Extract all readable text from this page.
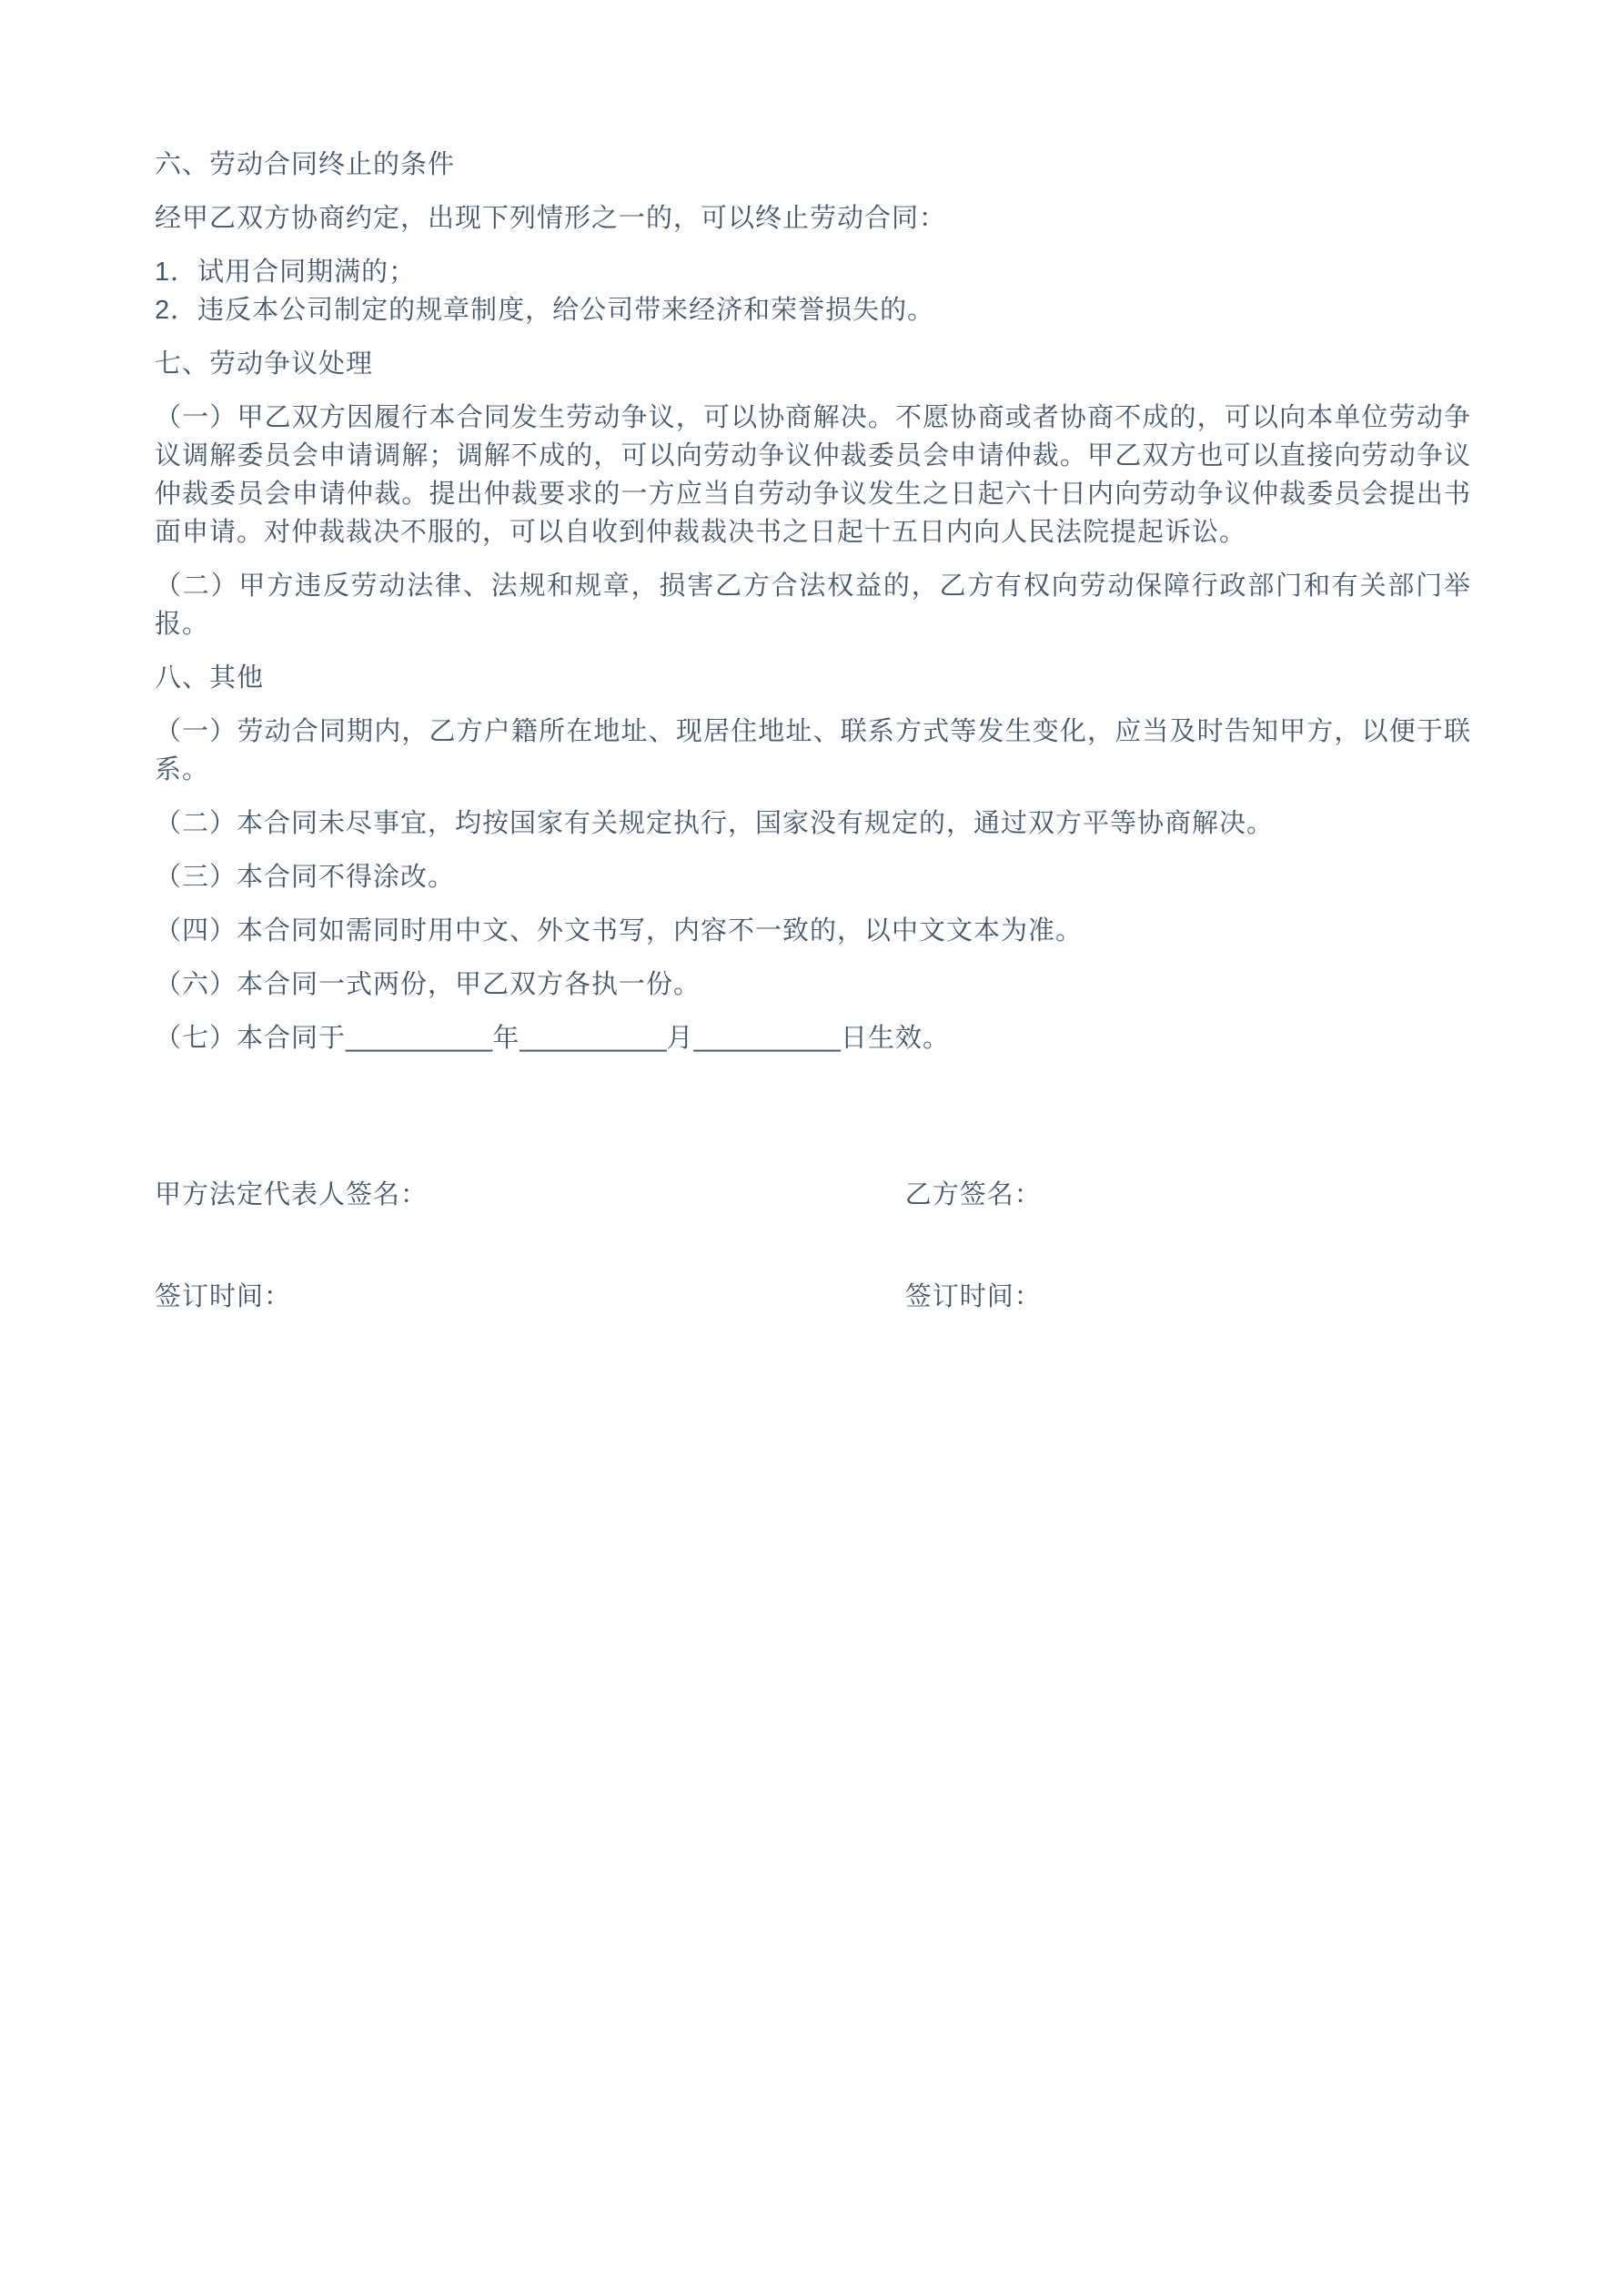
六、劳动合同终止的条件
经甲乙双方协商约定，出现下列情形之一的，可以终止劳动合同：
1．试用合同期满的；
2．违反本公司制定的规章制度，给公司带来经济和荣誉损失的。
七、劳动争议处理
（一）甲乙双方因履行本合同发生劳动争议，可以协商解决。不愿协商或者协商不成的，可以向本单位劳动争议调解委员会申请调解；调解不成的，可以向劳动争议仲裁委员会申请仲裁。甲乙双方也可以直接向劳动争议仲裁委员会申请仲裁。提出仲裁要求的一方应当自劳动争议发生之日起六十日内向劳动争议仲裁委员会提出书面申请。对仲裁裁决不服的，可以自收到仲裁裁决书之日起十五日内向人民法院提起诉讼。
（二）甲方违反劳动法律、法规和规章，损害乙方合法权益的，乙方有权向劳动保障行政部门和有关部门举报。
八、其他
（一）劳动合同期内，乙方户籍所在地址、现居住地址、联系方式等发生变化，应当及时告知甲方，以便于联系。
（二）本合同未尽事宜，均按国家有关规定执行，国家没有规定的，通过双方平等协商解决。
（三）本合同不得涂改。
（四）本合同如需同时用中文、外文书写，内容不一致的，以中文文本为准。
（六）本合同一式两份，甲乙双方各执一份。
（七）本合同于__________年__________月__________日生效。
甲方法定代表人签名：	乙方签名：
签订时间：	签订时间：
